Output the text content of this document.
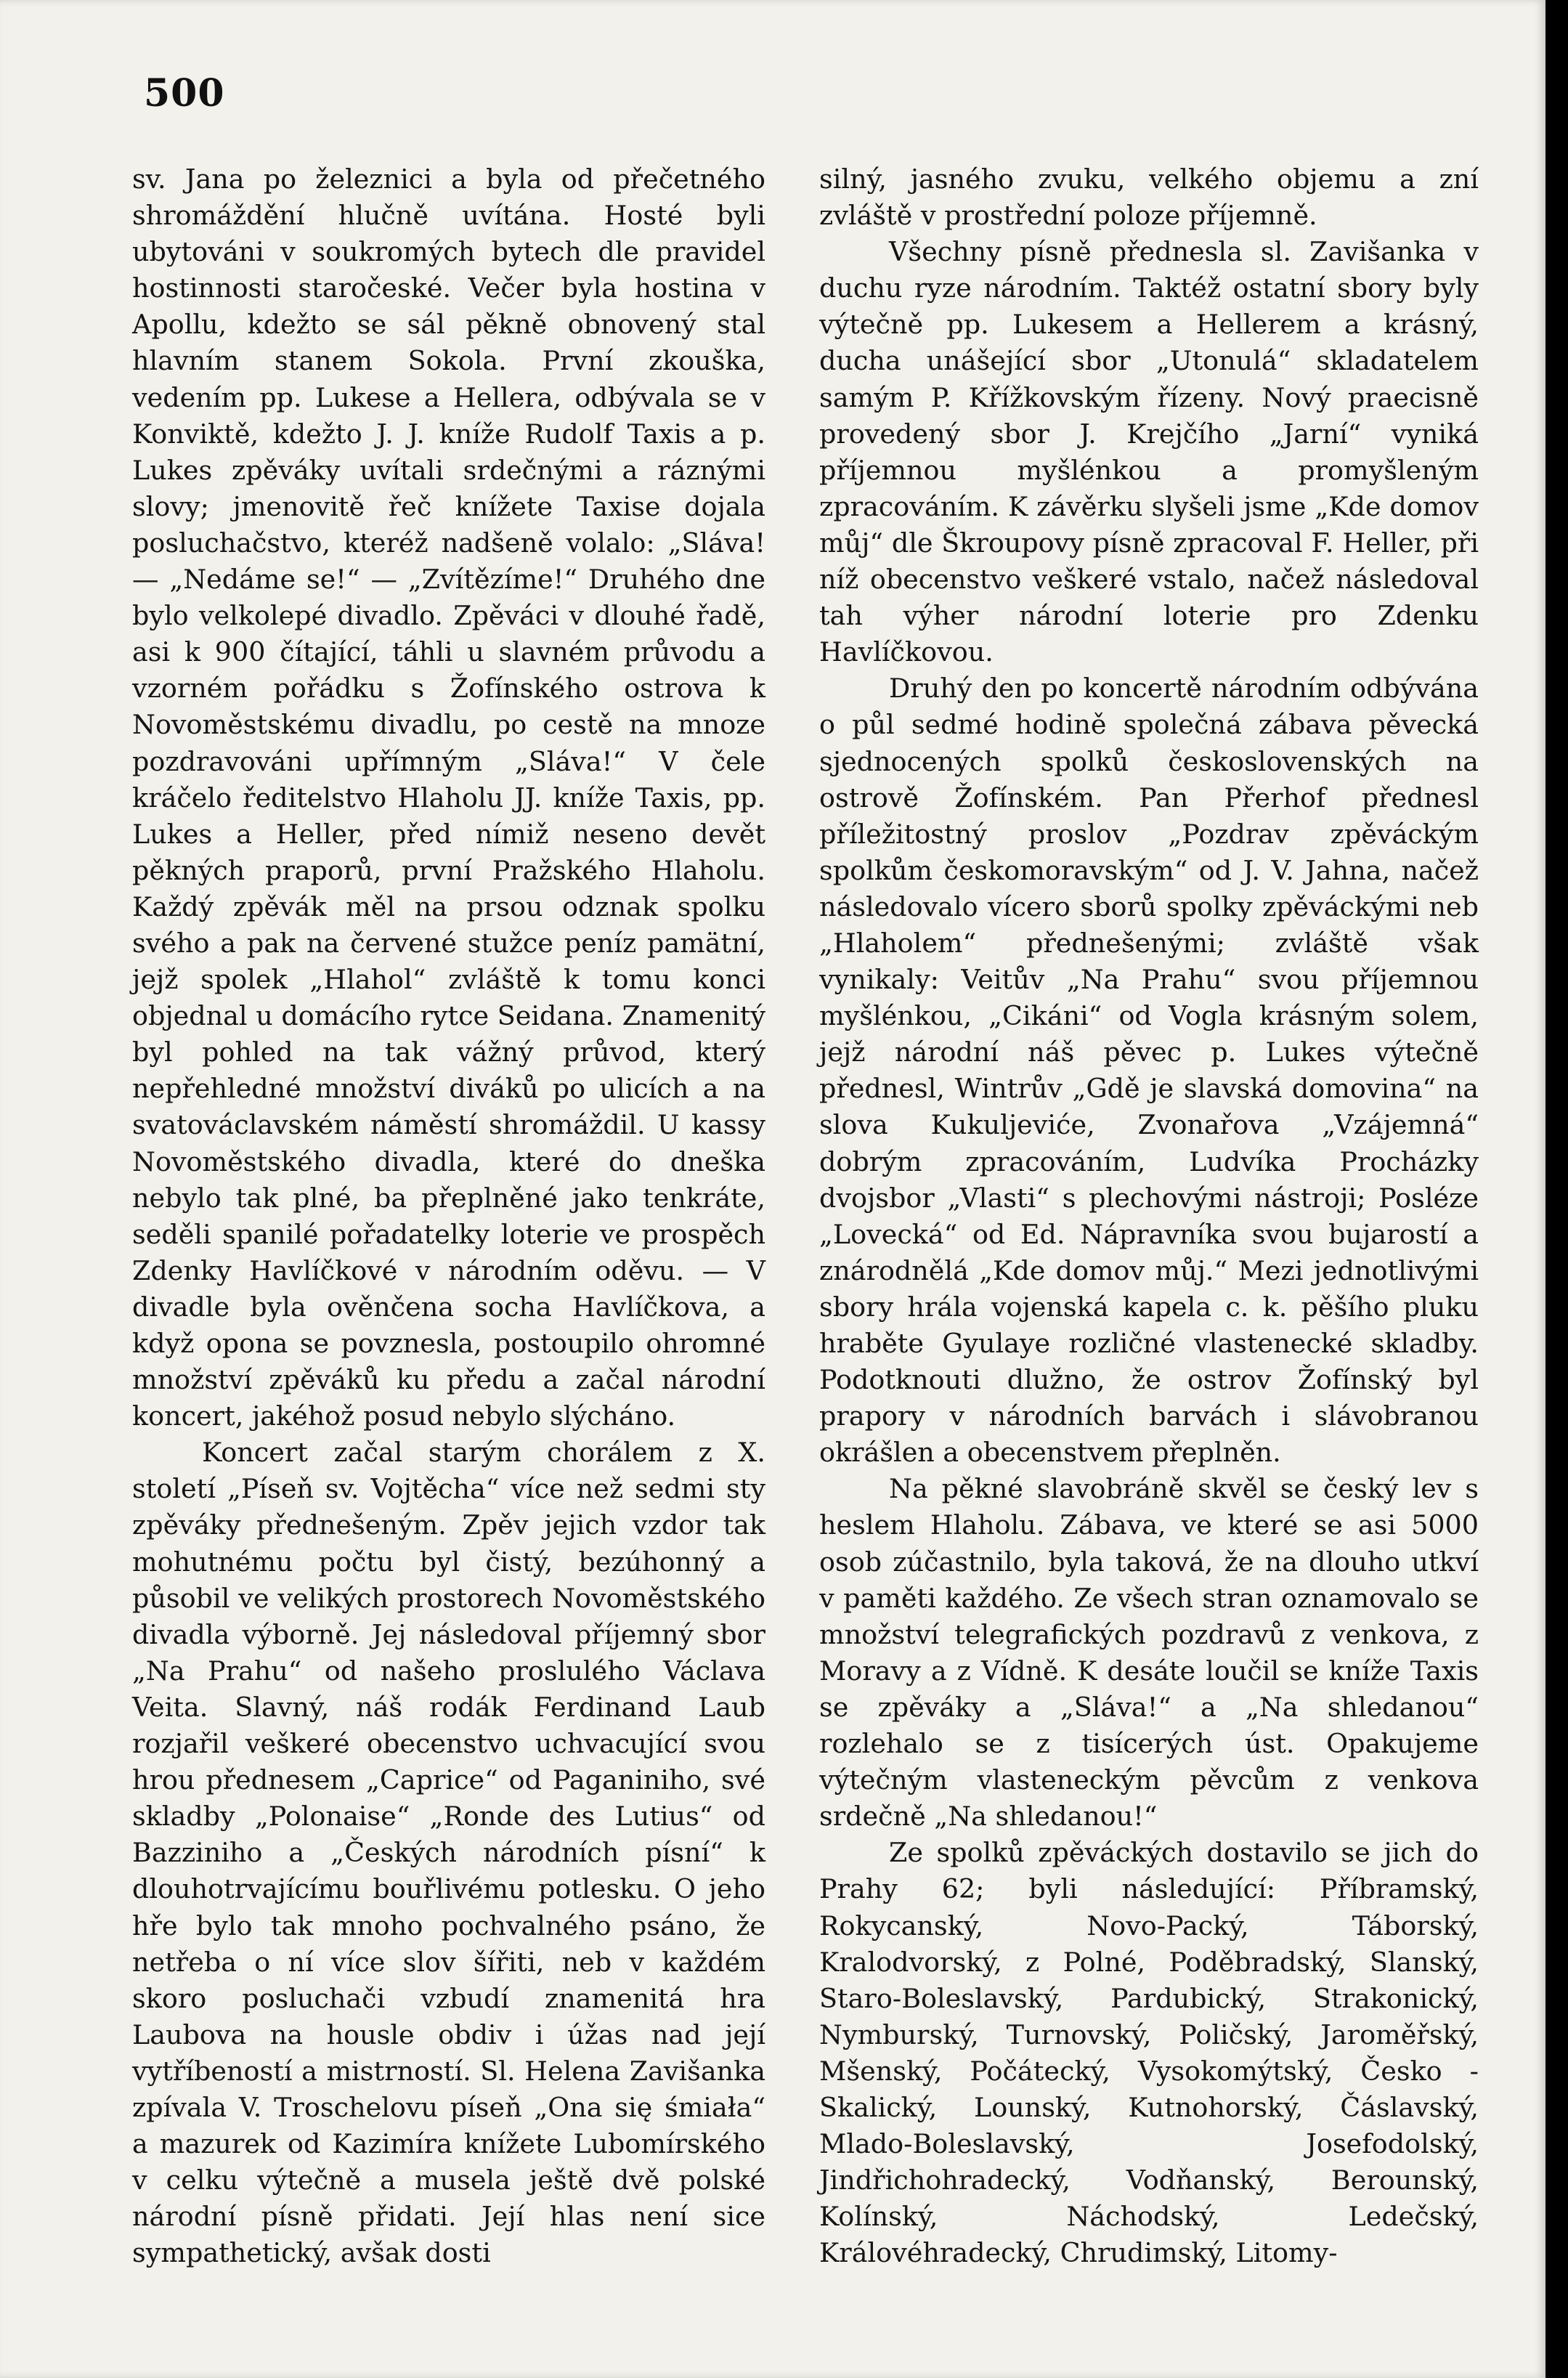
500

sv. Jana po železnici a byla od přečetného shromáždění hlučně uvítána. Hosté byli ubytováni v soukromých bytech dle pravidel hostinnosti staročeské. Večer byla hostina v Apollu, kdežto se sál pěkně obnovený stal hlavním stanem Sokola. První zkouška, vedením pp. Lukese a Hellera, odbývala se v Konviktě, kdežto J. J. kníže Rudolf Taxis a p. Lukes zpěváky uvítali srdečnými a ráznými slovy; jmenovitě řeč knížete Taxise dojala posluchačstvo, kteréž nadšeně volalo: „Sláva! — „Nedáme se!“ — „Zvítězíme!“ Druhého dne bylo velkolepé divadlo. Zpěváci v dlouhé řadě, asi k 900 čítající, táhli u slavném průvodu a vzorném pořádku s Žofínského ostrova k Novoměstskému divadlu, po cestě na mnoze pozdravováni upřímným „Sláva!“ V čele kráčelo ředitelstvo Hlaholu JJ. kníže Taxis, pp. Lukes a Heller, před nímiž neseno devět pěkných praporů, první Pražského Hlaholu. Každý zpěvák měl na prsou odznak spolku svého a pak na červené stužce peníz pamätní, jejž spolek „Hlahol“ zvláště k tomu konci objednal u domácího rytce Seidana. Znamenitý byl pohled na tak vážný průvod, který nepřehledné množství diváků po ulicích a na svatováclavském náměstí shromáždil. U kassy Novoměstského divadla, které do dneška nebylo tak plné, ba přeplněné jako tenkráte, seděli spanilé pořadatelky loterie ve prospěch Zdenky Havlíčkové v národním oděvu. — V divadle byla ověnčena socha Havlíčkova, a když opona se povznesla, postoupilo ohromné množství zpěváků ku předu a začal národní koncert, jakéhož posud nebylo slýcháno.

Koncert začal starým chorálem z X. století „Píseň sv. Vojtěcha“ více než sedmi sty zpěváky přednešeným. Zpěv jejich vzdor tak mohutnému počtu byl čistý, bezúhonný a působil ve velikých prostorech Novoměstského divadla výborně. Jej následoval příjemný sbor „Na Prahu“ od našeho proslulého Václava Veita. Slavný, náš rodák Ferdinand Laub rozjařil veškeré obecenstvo uchvacující svou hrou přednesem „Caprice“ od Paganiniho, své skladby „Polonaise“ „Ronde des Lutius“ od Bazziniho a „Českých národních písní“ k dlouhotrvajícímu bouřlivému potlesku. O jeho hře bylo tak mnoho pochvalného psáno, že netřeba o ní více slov šířiti, neb v každém skoro posluchači vzbudí znamenitá hra Laubova na housle obdiv i úžas nad její vytříbeností a mistrností. Sl. Helena Zavišanka zpívala V. Troschelovu píseň „Ona się śmiała“ a mazurek od Kazimíra knížete Lubomírského v celku výtečně a musela ještě dvě polské národní písně přidati. Její hlas není sice sympathetický, avšak dosti

silný, jasného zvuku, velkého objemu a zní zvláště v prostřední poloze příjemně.

Všechny písně přednesla sl. Zavišanka v duchu ryze národním. Taktéž ostatní sbory byly výtečně pp. Lukesem a Hellerem a krásný, ducha unášející sbor „Utonulá“ skladatelem samým P. Křížkovským řízeny. Nový praecisně provedený sbor J. Krejčího „Jarní“ vyniká příjemnou myšlénkou a promyšleným zpracováním. K závěrku slyšeli jsme „Kde domov můj“ dle Škroupovy písně zpracoval F. Heller, při níž obecenstvo veškeré vstalo, načež následoval tah výher národní loterie pro Zdenku Havlíčkovou.

Druhý den po koncertě národním odbývána o půl sedmé hodině společná zábava pěvecká sjednocených spolků československých na ostrově Žofínském. Pan Přerhof přednesl příležitostný proslov „Pozdrav zpěváckým spolkům českomoravským“ od J. V. Jahna, načež následovalo vícero sborů spolky zpěváckými neb „Hlaholem“ přednešenými; zvláště však vynikaly: Veitův „Na Prahu“ svou příjemnou myšlénkou, „Cikáni“ od Vogla krásným solem, jejž národní náš pěvec p. Lukes výtečně přednesl, Wintrův „Gdě je slavská domovina“ na slova Kukuljeviće, Zvonařova „Vzájemná“ dobrým zpracováním, Ludvíka Procházky dvojsbor „Vlasti“ s plechovými nástroji; Posléze „Lovecká“ od Ed. Nápravníka svou bujarostí a znárodnělá „Kde domov můj.“ Mezi jednotlivými sbory hrála vojenská kapela c. k. pěšího pluku hraběte Gyulaye rozličné vlastenecké skladby. Podotknouti dlužno, že ostrov Žofínský byl prapory v národních barvách i slávobranou okrášlen a obecenstvem přeplněn.

Na pěkné slavobráně skvěl se český lev s heslem Hlaholu. Zábava, ve které se asi 5000 osob zúčastnilo, byla taková, že na dlouho utkví v paměti každého. Ze všech stran oznamovalo se množství telegrafických pozdravů z venkova, z Moravy a z Vídně. K desáte loučil se kníže Taxis se zpěváky a „Sláva!“ a „Na shledanou“ rozlehalo se z tisícerých úst. Opakujeme výtečným vlasteneckým pěvcům z venkova srdečně „Na shledanou!“

Ze spolků zpěváckých dostavilo se jich do Prahy 62; byli následující: Příbramský, Rokycanský, Novo-Packý, Táborský, Kralodvorský, z Polné, Poděbradský, Slanský, Staro-Boleslavský, Pardubický, Strakonický, Nymburský, Turnovský, Poličský, Jaroměřský, Mšenský, Počátecký, Vysokomýtský, Česko - Skalický, Lounský, Kutnohorský, Čáslavský, Mlado-Boleslavský, Josefodolský, Jindřichohradecký, Vodňanský, Berounský, Kolínský, Náchodský, Ledečský, Královéhradecký, Chrudimský, Litomy-
